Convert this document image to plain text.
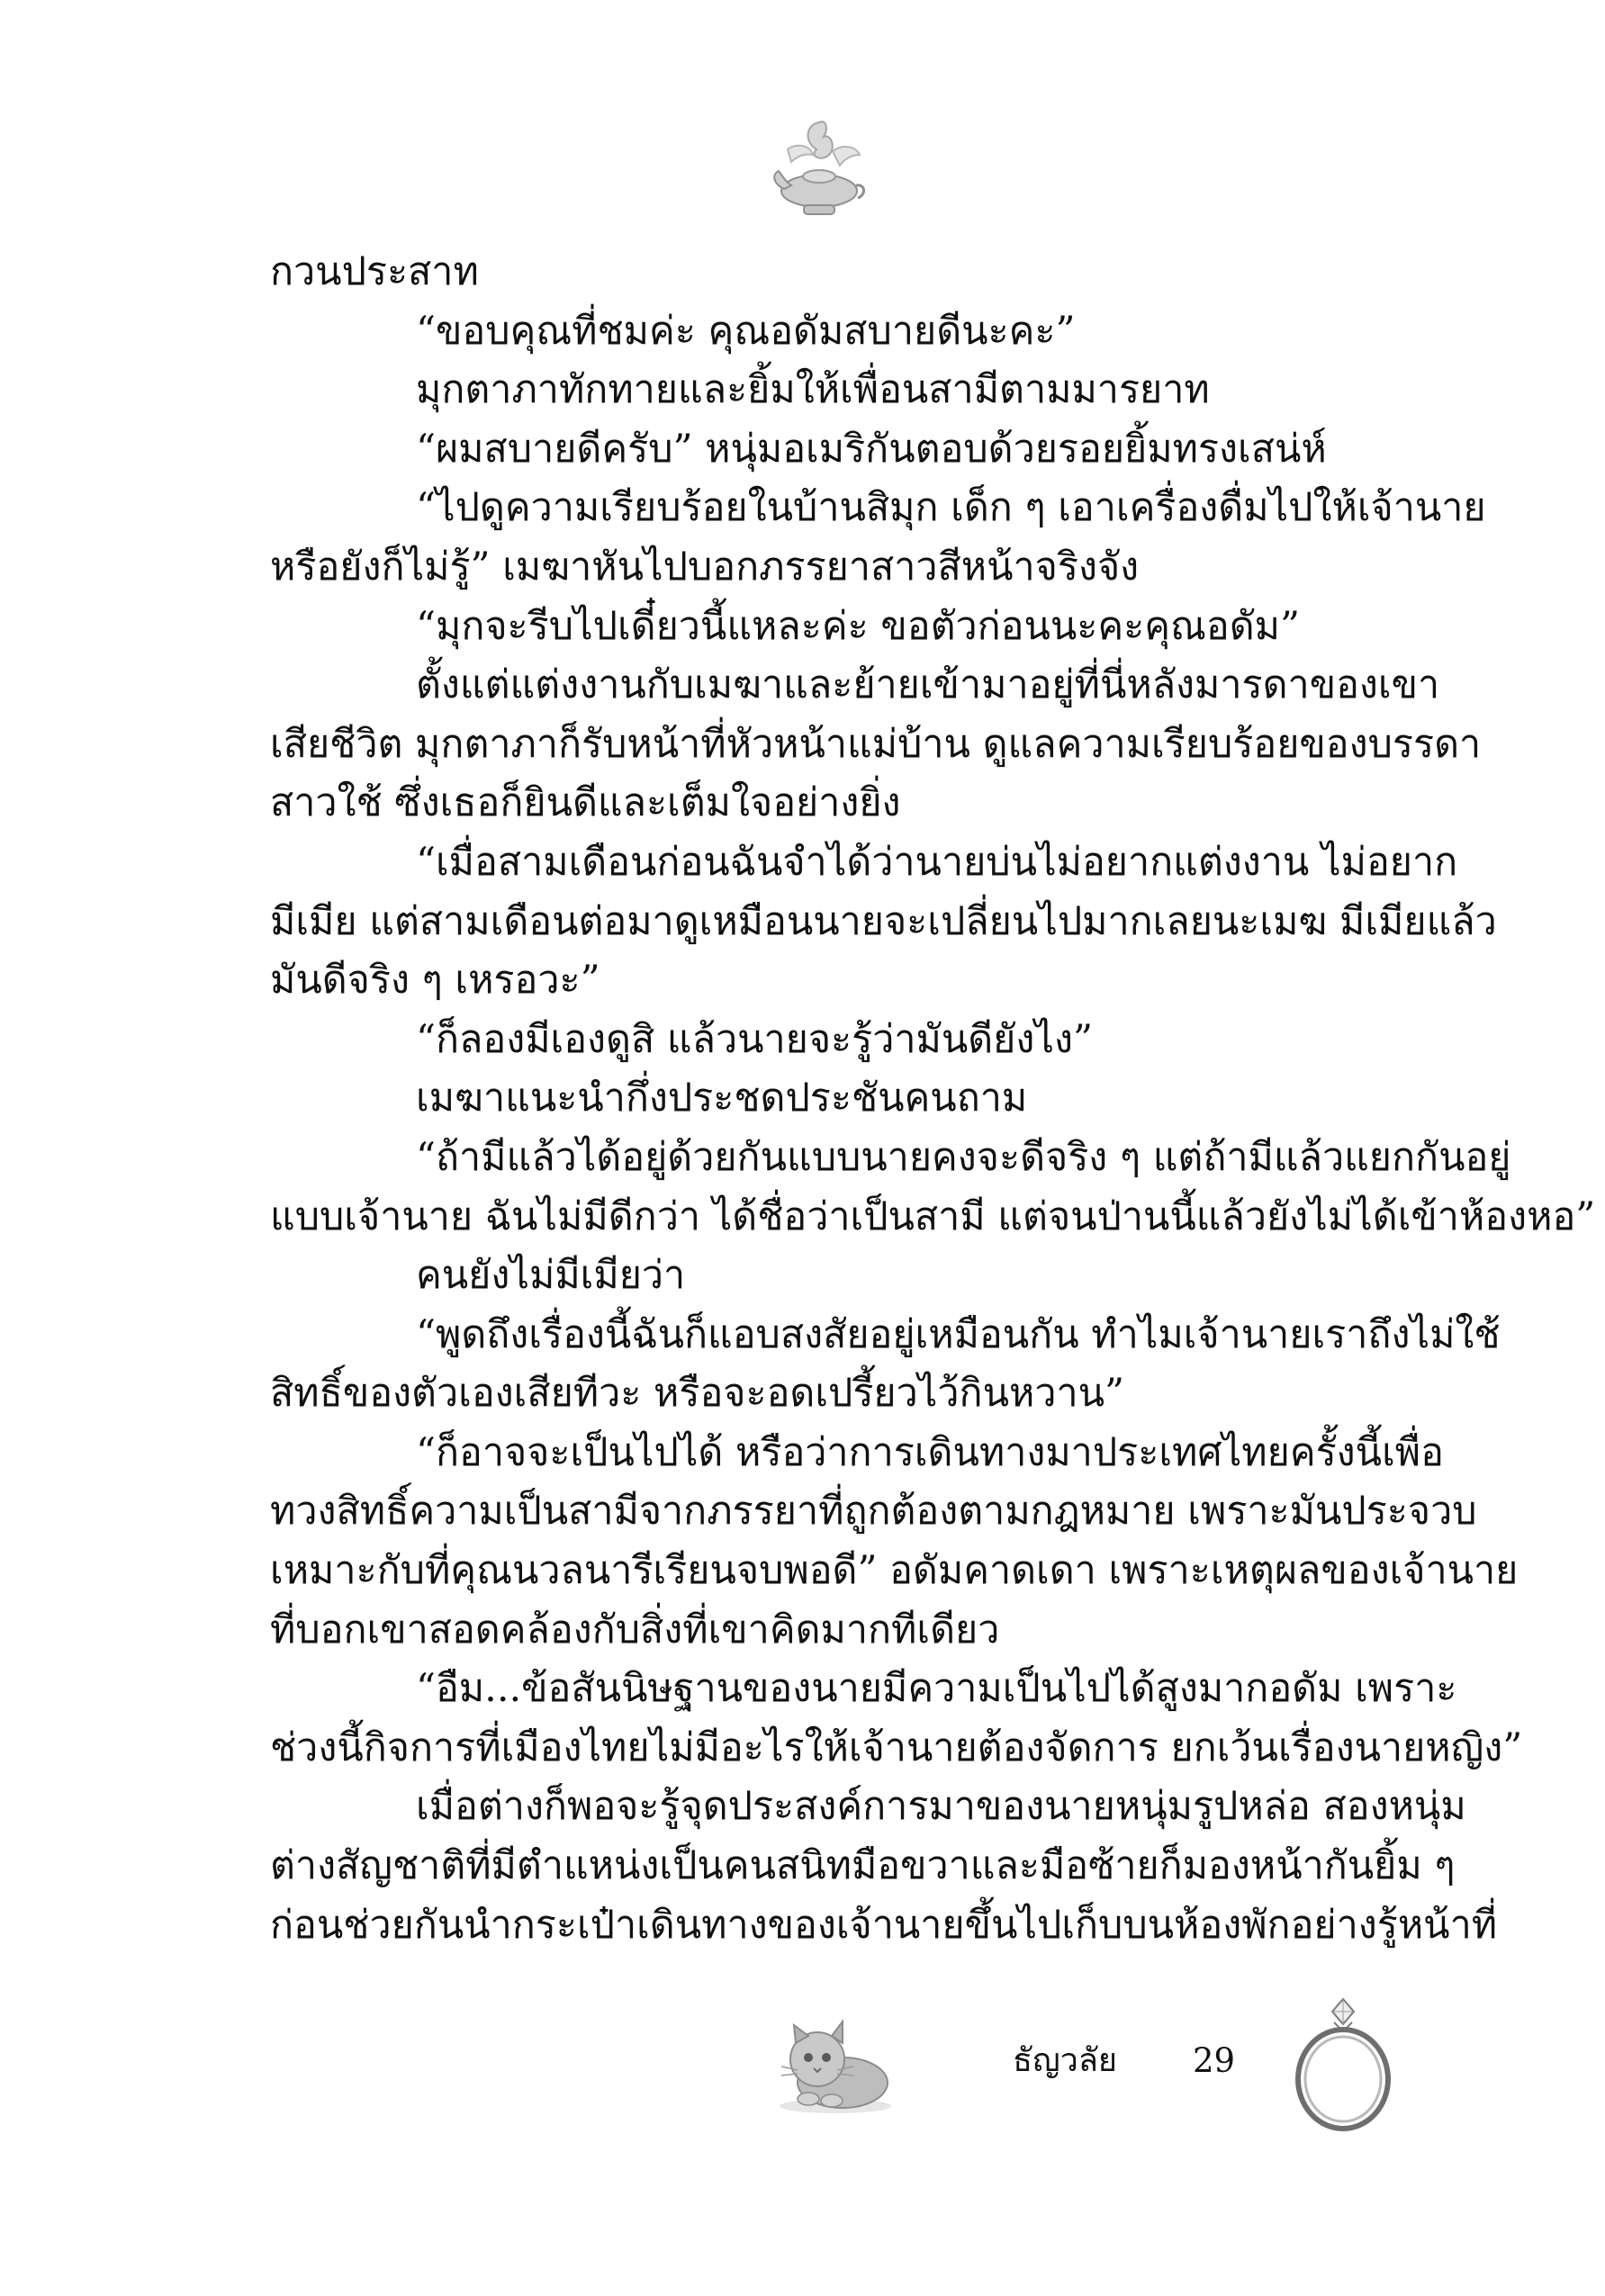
กวนประสาท
“ขอบคุณที่ชมค่ะ คุณอดัมสบายดีนะคะ”
มุกตาภาทักทายและยิ้มให้เพื่อนสามีตามมารยาท
“ผมสบายดีครับ” หนุ่มอเมริกันตอบด้วยรอยยิ้มทรงเสน่ห์
“ไปดูความเรียบร้อยในบ้านสิมุก เด็ก ๆ เอาเครื่องดื่มไปให้เจ้านาย
หรือยังก็ไม่รู้” เมฆาหันไปบอกภรรยาสาวสีหน้าจริงจัง
“มุกจะรีบไปเดี๋ยวนี้แหละค่ะ ขอตัวก่อนนะคะคุณอดัม”
ตั้งแต่แต่งงานกับเมฆาและย้ายเข้ามาอยู่ที่นี่หลังมารดาของเขา
เสียชีวิต มุกตาภาก็รับหน้าที่หัวหน้าแม่บ้าน ดูแลความเรียบร้อยของบรรดา
สาวใช้ ซึ่งเธอก็ยินดีและเต็มใจอย่างยิ่ง
“เมื่อสามเดือนก่อนฉันจำได้ว่านายบ่นไม่อยากแต่งงาน ไม่อยาก
มีเมีย แต่สามเดือนต่อมาดูเหมือนนายจะเปลี่ยนไปมากเลยนะเมฆ มีเมียแล้ว
มันดีจริง ๆ เหรอวะ”
“ก็ลองมีเองดูสิ แล้วนายจะรู้ว่ามันดียังไง”
เมฆาแนะนำกึ่งประชดประชันคนถาม
“ถ้ามีแล้วได้อยู่ด้วยกันแบบนายคงจะดีจริง ๆ แต่ถ้ามีแล้วแยกกันอยู่
แบบเจ้านาย ฉันไม่มีดีกว่า ได้ชื่อว่าเป็นสามี แต่จนป่านนี้แล้วยังไม่ได้เข้าห้องหอ”
คนยังไม่มีเมียว่า
“พูดถึงเรื่องนี้ฉันก็แอบสงสัยอยู่เหมือนกัน ทำไมเจ้านายเราถึงไม่ใช้
สิทธิ์ของตัวเองเสียทีวะ หรือจะอดเปรี้ยวไว้กินหวาน”
“ก็อาจจะเป็นไปได้ หรือว่าการเดินทางมาประเทศไทยครั้งนี้เพื่อ
ทวงสิทธิ์ความเป็นสามีจากภรรยาที่ถูกต้องตามกฎหมาย เพราะมันประจวบ
เหมาะกับที่คุณนวลนารีเรียนจบพอดี” อดัมคาดเดา เพราะเหตุผลของเจ้านาย
ที่บอกเขาสอดคล้องกับสิ่งที่เขาคิดมากทีเดียว
“อืม...ข้อสันนิษฐานของนายมีความเป็นไปได้สูงมากอดัม เพราะ
ช่วงนี้กิจการที่เมืองไทยไม่มีอะไรให้เจ้านายต้องจัดการ ยกเว้นเรื่องนายหญิง”
เมื่อต่างก็พอจะรู้จุดประสงค์การมาของนายหนุ่มรูปหล่อ สองหนุ่ม
ต่างสัญชาติที่มีตำแหน่งเป็นคนสนิทมือขวาและมือซ้ายก็มองหน้ากันยิ้ม ๆ
ก่อนช่วยกันนำกระเป๋าเดินทางของเจ้านายขึ้นไปเก็บบนห้องพักอย่างรู้หน้าที่
ธัญวลัย 29
